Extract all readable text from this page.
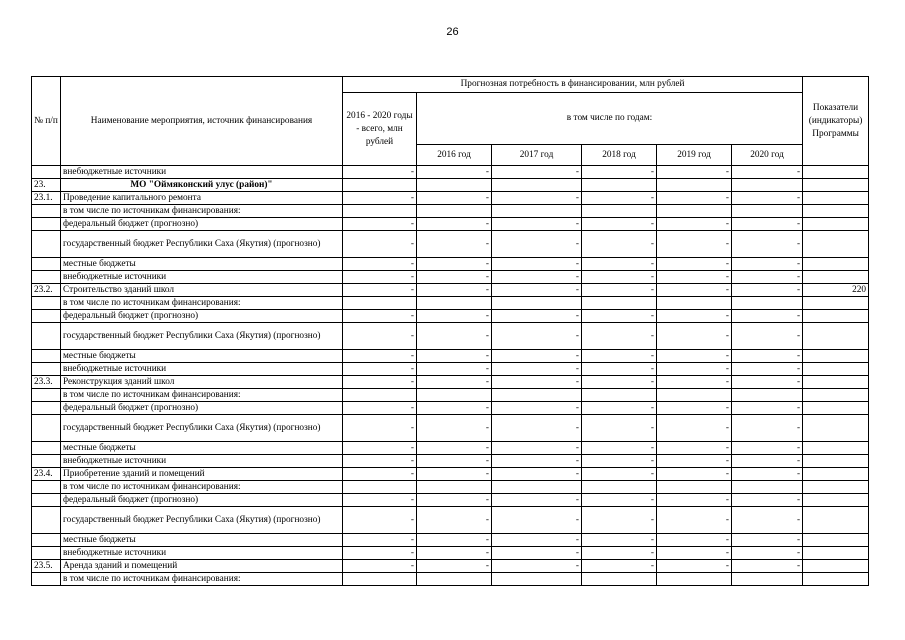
26
№ п/п	Наименование мероприятия, источник финансирования	Прогнозная потребность в финансировании, млн рублей						Показатели (индикаторы) Программы
		2016 - 2020 годы - всего, млн рублей	в том числе по годам:					
			2016 год	2017 год	2018 год	2019 год	2020 год	
	внебюджетные источники	-	-	-	-	-	-	
23.	МО "Оймяконский улус (район)"							
23.1.	Проведение капитального ремонта	-	-	-	-	-	-	
	в том числе по источникам финансирования:							
	федеральный бюджет (прогнозно)	-	-	-	-	-	-	
	государственный бюджет Республики Саха (Якутия) (прогнозно)	-	-	-	-	-	-	
	местные бюджеты	-	-	-	-	-	-	
	внебюджетные источники	-	-	-	-	-	-	
23.2.	Строительство зданий школ	-	-	-	-	-	-	220
	в том числе по источникам финансирования:							
	федеральный бюджет (прогнозно)	-	-	-	-	-	-	
	государственный бюджет Республики Саха (Якутия) (прогнозно)	-	-	-	-	-	-	
	местные бюджеты	-	-	-	-	-	-	
	внебюджетные источники	-	-	-	-	-	-	
23.3.	Реконструкция зданий школ	-	-	-	-	-	-	
	в том числе по источникам финансирования:							
	федеральный бюджет (прогнозно)	-	-	-	-	-	-	
	государственный бюджет Республики Саха (Якутия) (прогнозно)	-	-	-	-	-	-	
	местные бюджеты	-	-	-	-	-	-	
	внебюджетные источники	-	-	-	-	-	-	
23.4.	Приобретение зданий и помещений	-	-	-	-	-	-	
	в том числе по источникам финансирования:							
	федеральный бюджет (прогнозно)	-	-	-	-	-	-	
	государственный бюджет Республики Саха (Якутия) (прогнозно)	-	-	-	-	-	-	
	местные бюджеты	-	-	-	-	-	-	
	внебюджетные источники	-	-	-	-	-	-	
23.5.	Аренда зданий и помещений	-	-	-	-	-	-	
	в том числе по источникам финансирования:							
